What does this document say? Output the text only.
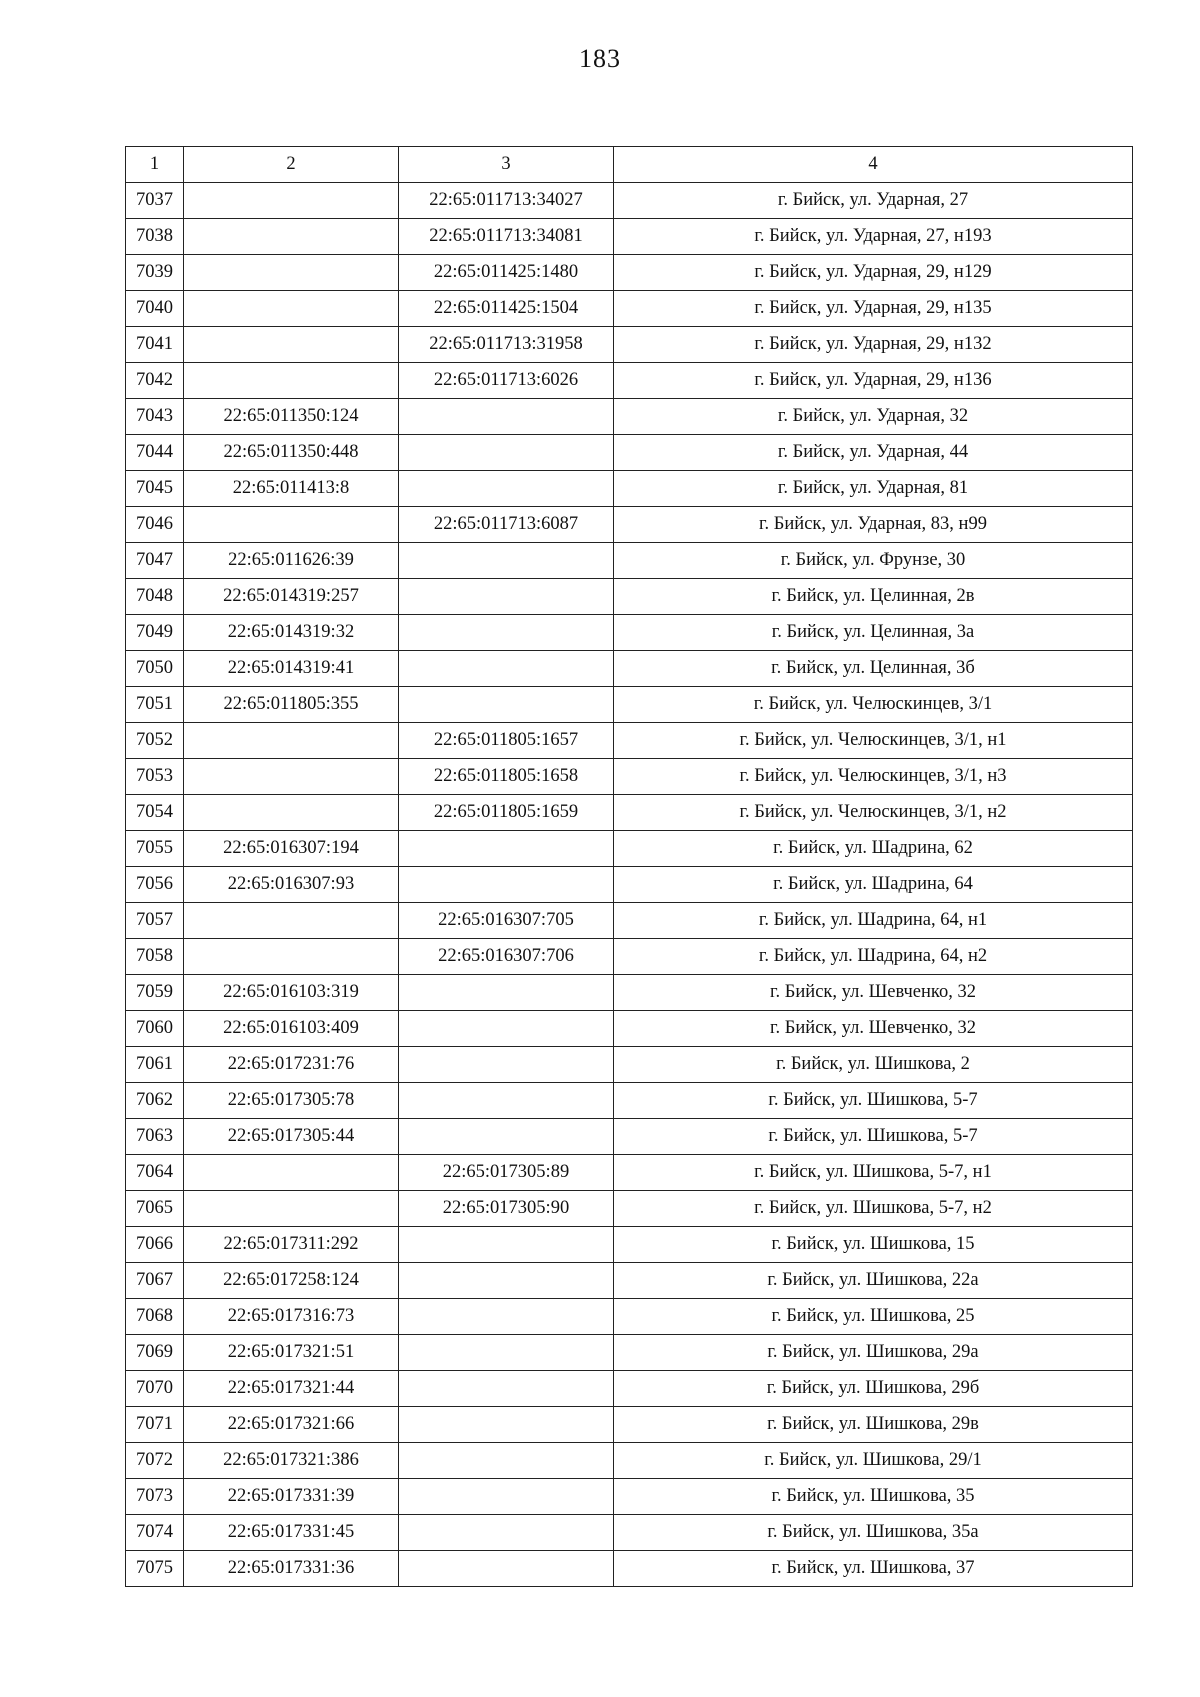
183
1	2	3	4
7037		22:65:011713:34027	г. Бийск, ул. Ударная, 27
7038		22:65:011713:34081	г. Бийск, ул. Ударная, 27, н193
7039		22:65:011425:1480	г. Бийск, ул. Ударная, 29, н129
7040		22:65:011425:1504	г. Бийск, ул. Ударная, 29, н135
7041		22:65:011713:31958	г. Бийск, ул. Ударная, 29, н132
7042		22:65:011713:6026	г. Бийск, ул. Ударная, 29, н136
7043	22:65:011350:124		г. Бийск, ул. Ударная, 32
7044	22:65:011350:448		г. Бийск, ул. Ударная, 44
7045	22:65:011413:8		г. Бийск, ул. Ударная, 81
7046		22:65:011713:6087	г. Бийск, ул. Ударная, 83, н99
7047	22:65:011626:39		г. Бийск, ул. Фрунзе, 30
7048	22:65:014319:257		г. Бийск, ул. Целинная, 2в
7049	22:65:014319:32		г. Бийск, ул. Целинная, 3а
7050	22:65:014319:41		г. Бийск, ул. Целинная, 3б
7051	22:65:011805:355		г. Бийск, ул. Челюскинцев, 3/1
7052		22:65:011805:1657	г. Бийск, ул. Челюскинцев, 3/1, н1
7053		22:65:011805:1658	г. Бийск, ул. Челюскинцев, 3/1, н3
7054		22:65:011805:1659	г. Бийск, ул. Челюскинцев, 3/1, н2
7055	22:65:016307:194		г. Бийск, ул. Шадрина, 62
7056	22:65:016307:93		г. Бийск, ул. Шадрина, 64
7057		22:65:016307:705	г. Бийск, ул. Шадрина, 64, н1
7058		22:65:016307:706	г. Бийск, ул. Шадрина, 64, н2
7059	22:65:016103:319		г. Бийск, ул. Шевченко, 32
7060	22:65:016103:409		г. Бийск, ул. Шевченко, 32
7061	22:65:017231:76		г. Бийск, ул. Шишкова, 2
7062	22:65:017305:78		г. Бийск, ул. Шишкова, 5-7
7063	22:65:017305:44		г. Бийск, ул. Шишкова, 5-7
7064		22:65:017305:89	г. Бийск, ул. Шишкова, 5-7, н1
7065		22:65:017305:90	г. Бийск, ул. Шишкова, 5-7, н2
7066	22:65:017311:292		г. Бийск, ул. Шишкова, 15
7067	22:65:017258:124		г. Бийск, ул. Шишкова, 22а
7068	22:65:017316:73		г. Бийск, ул. Шишкова, 25
7069	22:65:017321:51		г. Бийск, ул. Шишкова, 29а
7070	22:65:017321:44		г. Бийск, ул. Шишкова, 29б
7071	22:65:017321:66		г. Бийск, ул. Шишкова, 29в
7072	22:65:017321:386		г. Бийск, ул. Шишкова, 29/1
7073	22:65:017331:39		г. Бийск, ул. Шишкова, 35
7074	22:65:017331:45		г. Бийск, ул. Шишкова, 35а
7075	22:65:017331:36		г. Бийск, ул. Шишкова, 37
